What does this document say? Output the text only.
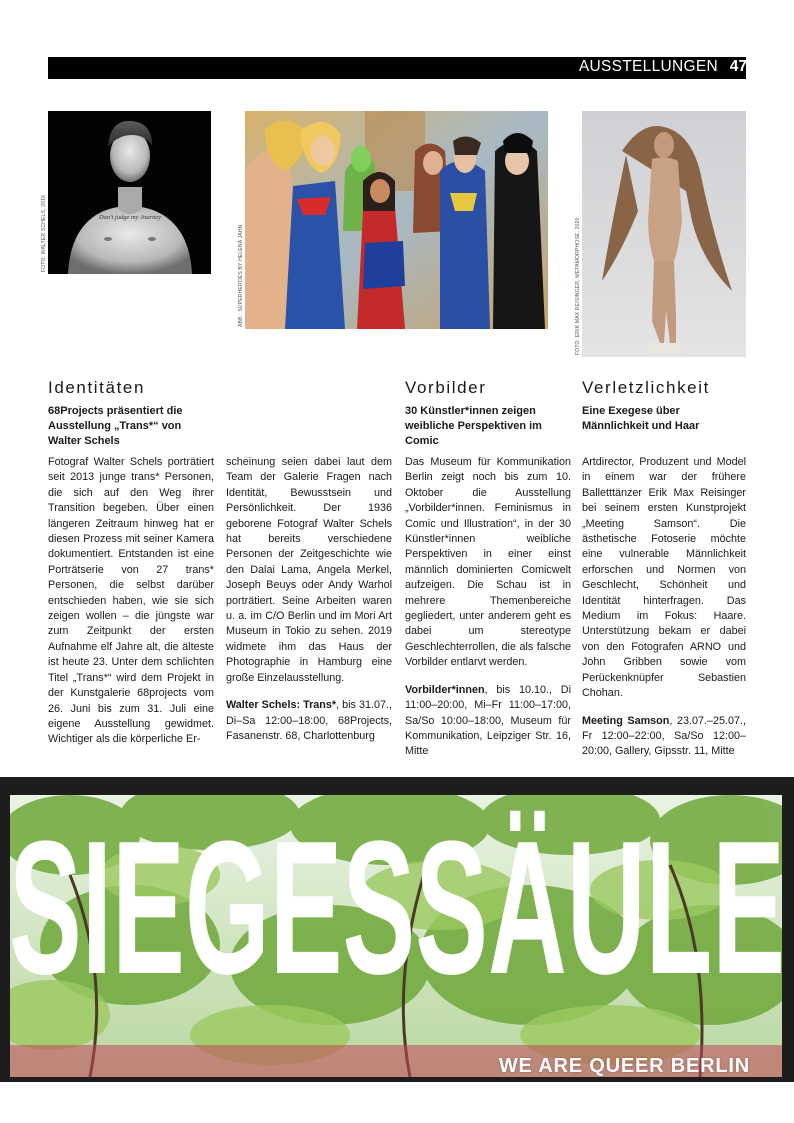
AUSSTELLUNGEN 47
Don't judge my Journey
FOTO: WALTER SCHELS, 2016	ABB.: SUPERHEROES BY HELENA JAHN	FOTO: ERIK MAX REISINGER, METAMORPHOSE, 2020
Identitäten
68Projects präsentiert die Ausstellung „Trans*“ von Walter Schels

Fotograf Walter Schels porträtiert seit 2013 junge trans* Personen, die sich auf den Weg ihrer Transition begeben. Über einen längeren Zeitraum hinweg hat er diesen Prozess mit seiner Kamera dokumentiert. Entstanden ist eine Porträtserie von 27 trans* Personen, die selbst darüber entschieden haben, wie sie sich zeigen wollen – die jüngste war zum Zeitpunkt der ersten Aufnahme elf Jahre alt, die älteste ist heute 23. Unter dem schlichten Titel „Trans*“ wird dem Projekt in der Kunstgalerie 68projects vom 26. Juni bis zum 31. Juli eine eigene Ausstellung gewidmet. Wichtiger als die körperliche Er-

scheinung seien dabei laut dem Team der Galerie Fragen nach Identität, Bewusstsein und Persönlichkeit. Der 1936 geborene Fotograf Walter Schels hat bereits verschiedene Personen der Zeitgeschichte wie den Dalai Lama, Angela Merkel, Joseph Beuys oder Andy Warhol porträtiert. Seine Arbeiten waren u. a. im C/O Berlin und im Mori Art Museum in Tokio zu sehen. 2019 widmete ihm das Haus der Photographie in Hamburg eine große Einzelausstellung.

Walter Schels: Trans*, bis 31.07., Di–Sa 12:00–18:00, 68Projects, Fasanenstr. 68, Charlottenburg

Vorbilder
30 Künstler*innen zeigen weibliche Perspektiven im Comic

Das Museum für Kommunikation Berlin zeigt noch bis zum 10. Oktober die Ausstellung „Vorbilder*innen. Feminismus in Comic und Illustration“, in der 30 Künstler*innen weibliche Perspektiven in einer einst männlich dominierten Comicwelt aufzeigen. Die Schau ist in mehrere Themenbereiche gegliedert, unter anderem geht es dabei um stereotype Geschlechterrollen, die als falsche Vorbilder entlarvt werden.

Vorbilder*innen, bis 10.10., Di 11:00–20:00, Mi–Fr 11:00–17:00, Sa/So 10:00–18:00, Museum für Kommunikation, Leipziger Str. 16, Mitte

Verletzlichkeit
Eine Exegese über Männlichkeit und Haar

Artdirector, Produzent und Model in einem war der frühere Balletttänzer Erik Max Reisinger bei seinem ersten Kunstprojekt „Meeting Samson“. Die ästhetische Fotoserie möchte eine vulnerable Männlichkeit erforschen und Normen von Geschlecht, Schönheit und Identität hinterfragen. Das Medium im Fokus: Haare. Unterstützung bekam er dabei von den Fotografen ARNO und John Gribben sowie vom Perückenknüpfer Sebastien Chohan.

Meeting Samson, 23.07.–25.07., Fr 12:00–22:00, Sa/So 12:00–20:00, Gallery, Gipsstr. 11, Mitte

SIEGESSÄULE
WE ARE QUEER BERLIN
